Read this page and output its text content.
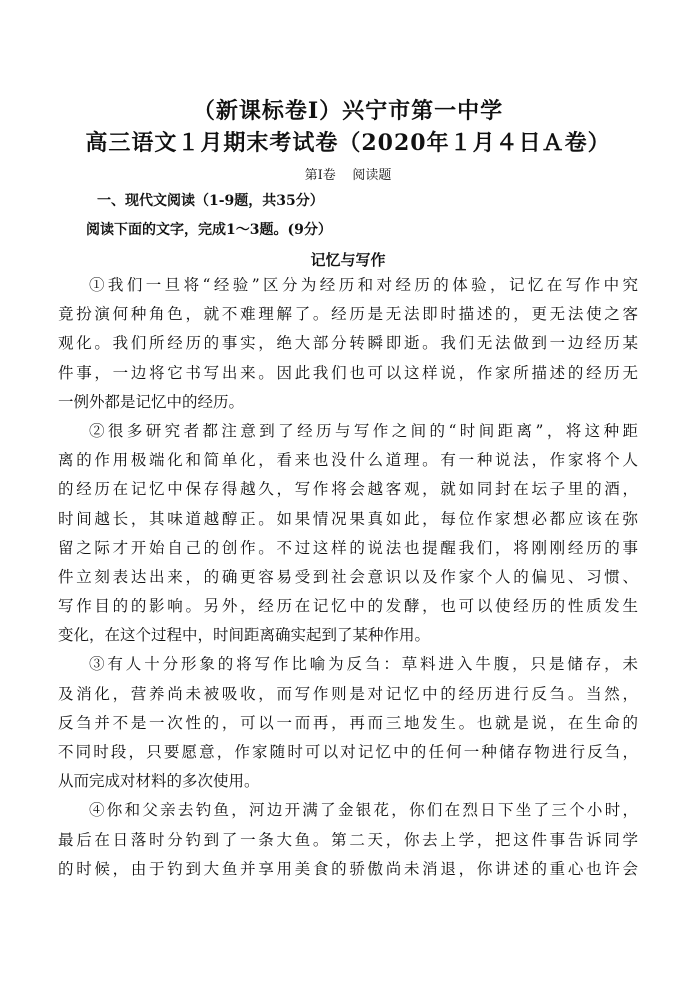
（新课标卷Ⅰ）兴宁市第一中学
高三语文１月期末考试卷（2020年１月４日Ａ卷）
第Ⅰ卷    阅读题
一、现代文阅读（1-9题，共35分）
阅读下面的文字，完成1～3题。(9分）
记忆与写作
①我们一旦将“经验”区分为经历和对经历的体验，记忆在写作中究
竟扮演何种角色，就不难理解了。经历是无法即时描述的，更无法使之客
观化。我们所经历的事实，绝大部分转瞬即逝。我们无法做到一边经历某
件事，一边将它书写出来。因此我们也可以这样说，作家所描述的经历无
一例外都是记忆中的经历。
②很多研究者都注意到了经历与写作之间的“时间距离”，将这种距
离的作用极端化和简单化，看来也没什么道理。有一种说法，作家将个人
的经历在记忆中保存得越久，写作将会越客观，就如同封在坛子里的酒，
时间越长，其味道越醇正。如果情况果真如此，每位作家想必都应该在弥
留之际才开始自己的创作。不过这样的说法也提醒我们，将刚刚经历的事
件立刻表达出来，的确更容易受到社会意识以及作家个人的偏见、习惯、
写作目的的影响。另外，经历在记忆中的发酵，也可以使经历的性质发生
变化，在这个过程中，时间距离确实起到了某种作用。
③有人十分形象的将写作比喻为反刍：草料进入牛腹，只是储存，未
及消化，营养尚未被吸收，而写作则是对记忆中的经历进行反刍。当然，
反刍并不是一次性的，可以一而再，再而三地发生。也就是说，在生命的
不同时段，只要愿意，作家随时可以对记忆中的任何一种储存物进行反刍，
从而完成对材料的多次使用。
④你和父亲去钓鱼，河边开满了金银花，你们在烈日下坐了三个小时，
最后在日落时分钓到了一条大鱼。第二天，你去上学，把这件事告诉同学
的时候，由于钓到大鱼并享用美食的骄傲尚未消退，你讲述的重心也许会
